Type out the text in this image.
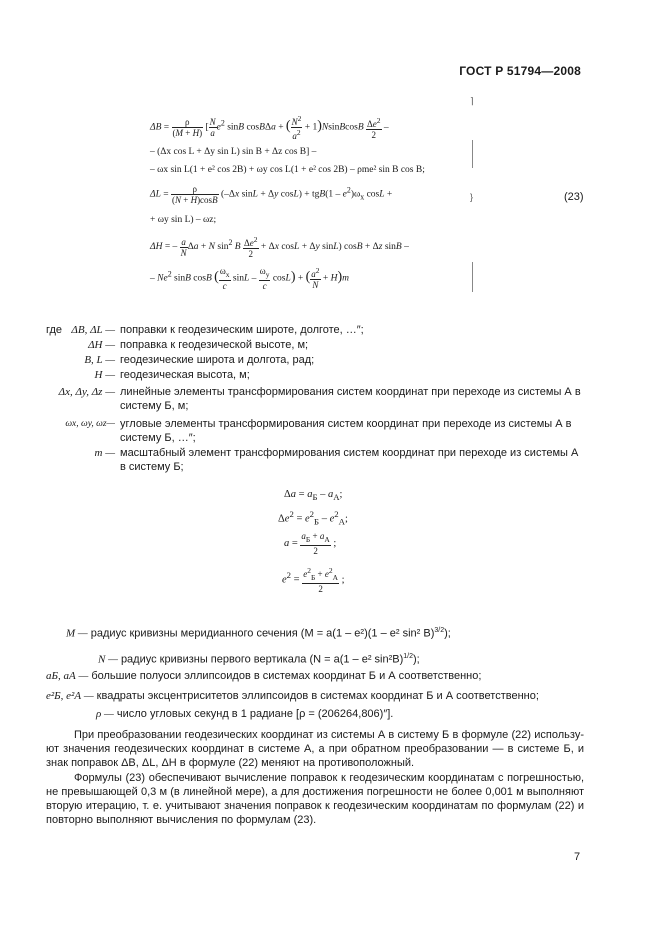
ГОСТ Р 51794—2008
$\Delta B = \frac{\rho}{(M + H)}$ [ $\frac{N}{a} e^2$ sinB cosBΔa + ( $\frac{N^2}{a^2}$ + 1)NsinBcosB $\frac{\Delta e^2}{2}$ –
– (Δx cos L + Δy sin L) sin B + Δz cos B] –
– ωx sin L(1 + e² cos 2B) + ωy cos L(1 + e² cos 2B) – ρme² sin B cos B;
$\Delta L = \frac{\rho}{(N + H)\cos B} (-\Delta x$ sinL + Δy $\cos L) + tgB(1 - e^2)\omega_x$ cosL +
+ ωy sin L) – ωz;
ΔH = – $\frac{a}{N}$ Δa + N $\sin^2 B \frac{\Delta e^2}{2} + \Delta x$ cosL + Δy sinL) cosB + Δz sinB –
– Ne$^2$ sinB cosB ( $\frac{\omega_x}{c}$ sinL – $\frac{\omega_y}{c} \cos L$) + ( $\frac{a^2}{N} + H)m$
⌉
}	(23)
где ΔB, ΔL — поправки к геодезическим широте, долготе, …″;
ΔH — поправка к геодезической высоте, м;
B, L — геодезические широта и долгота, рад;
H — геодезическая высота, м;
Δx, Δy, Δz — линейные элементы трансформирования систем координат при переходе из системы А в
систему Б, м;
ωx, ωy, ωz— угловые элементы трансформирования систем координат при переходе из системы А в
систему Б, …″;
m — масштабный элемент трансформирования систем координат при переходе из системы А
в систему Б;
$\Delta a = a_Б - a_А$;
$\Delta e^2 = e^2_Б - e^2_А$;
$a = \frac{a_Б + a_А}{2}$ ;
$e^2 = \frac{e^2_Б + e^2_А}{2}$ ;
M — радиус кривизны меридианного сечения (M = a(1 – e²)(1 – e² sin² B)$^{3/2}$);
N — радиус кривизны первого вертикала (N = a(1 – e² sin²B)$^{1/2}$);
aБ, aА — большие полуоси эллипсоидов в системах координат Б и А соответственно;
e²Б, e²А — квадраты эксцентриситетов эллипсоидов в системах координат Б и А соответственно;
ρ — число угловых секунд в 1 радиане [ρ = (206264,806)″].
При преобразовании геодезических координат из системы А в систему Б в формуле (22) использу-ют значения геодезических координат в системе А, а при обратном преобразовании — в системе Б, и знак поправок ΔB, ΔL, ΔH в формуле (22) меняют на противоположный.
Формулы (23) обеспечивают вычисление поправок к геодезическим координатам с погрешностью, не превышающей 0,3 м (в линейной мере), а для достижения погрешности не более 0,001 м выполняют вторую итерацию, т. е. учитывают значения поправок к геодезическим координатам по формулам (22) и повторно выполняют вычисления по формулам (23).
7
